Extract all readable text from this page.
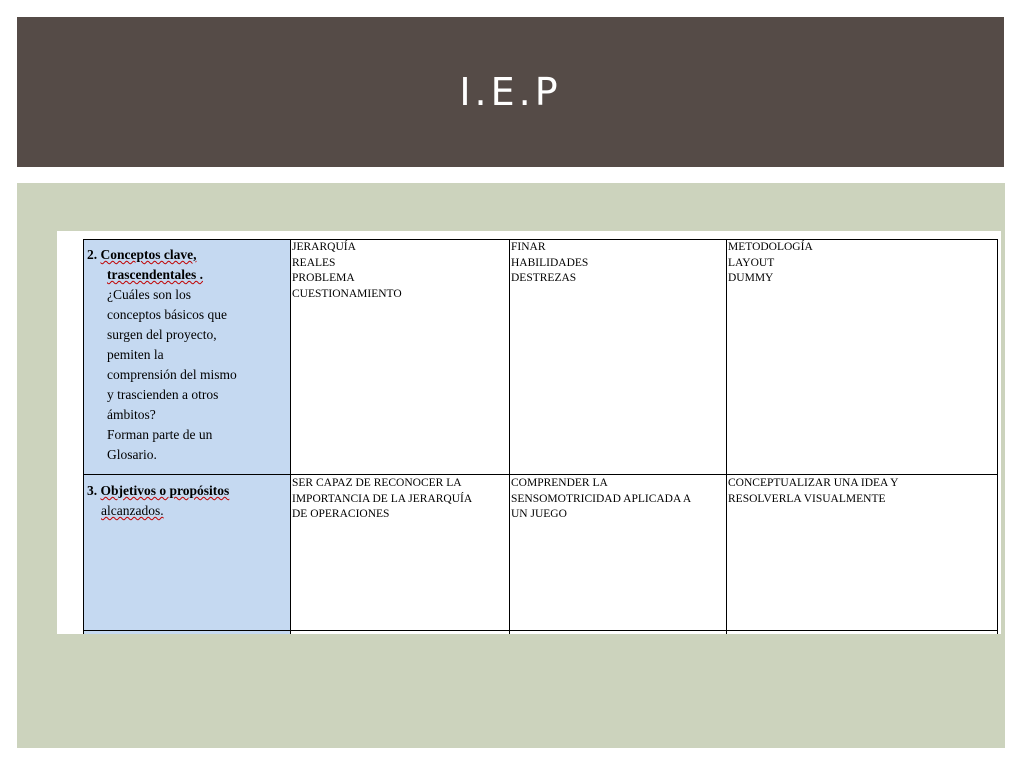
I.E.P
2. Conceptos clave,
trascendentales .
¿Cuáles son los
conceptos básicos que
surgen del proyecto,
pemiten la
comprensión del mismo
y trascienden a otros
ámbitos?
Forman parte de un
Glosario.
JERARQUÍA
REALES
PROBLEMA
CUESTIONAMIENTO
FINAR
HABILIDADES
DESTREZAS
METODOLOGÍA
LAYOUT
DUMMY
3. Objetivos o propósitos
alcanzados.
SER CAPAZ DE RECONOCER LA
IMPORTANCIA DE LA JERARQUÍA
DE OPERACIONES
COMPRENDER LA
SENSOMOTRICIDAD APLICADA A
UN JUEGO
CONCEPTUALIZAR UNA IDEA Y
RESOLVERLA VISUALMENTE
